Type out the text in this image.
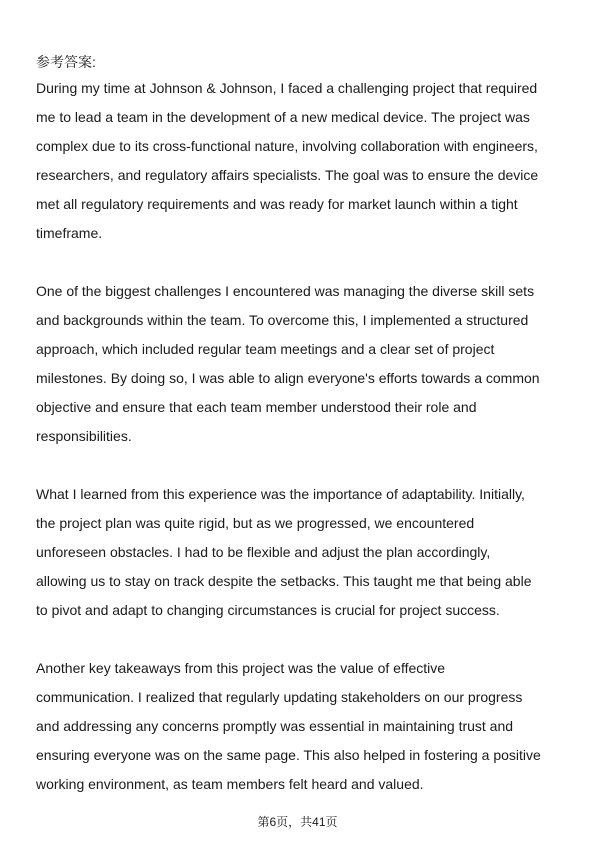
参考答案:

During my time at Johnson & Johnson, I faced a challenging project that required
me to lead a team in the development of a new medical device. The project was
complex due to its cross-functional nature, involving collaboration with engineers,
researchers, and regulatory affairs specialists. The goal was to ensure the device
met all regulatory requirements and was ready for market launch within a tight
timeframe.

One of the biggest challenges I encountered was managing the diverse skill sets
and backgrounds within the team. To overcome this, I implemented a structured
approach, which included regular team meetings and a clear set of project
milestones. By doing so, I was able to align everyone's efforts towards a common
objective and ensure that each team member understood their role and
responsibilities.

What I learned from this experience was the importance of adaptability. Initially,
the project plan was quite rigid, but as we progressed, we encountered
unforeseen obstacles. I had to be flexible and adjust the plan accordingly,
allowing us to stay on track despite the setbacks. This taught me that being able
to pivot and adapt to changing circumstances is crucial for project success.

Another key takeaways from this project was the value of effective
communication. I realized that regularly updating stakeholders on our progress
and addressing any concerns promptly was essential in maintaining trust and
ensuring everyone was on the same page. This also helped in fostering a positive
working environment, as team members felt heard and valued.

第6页，共41页
